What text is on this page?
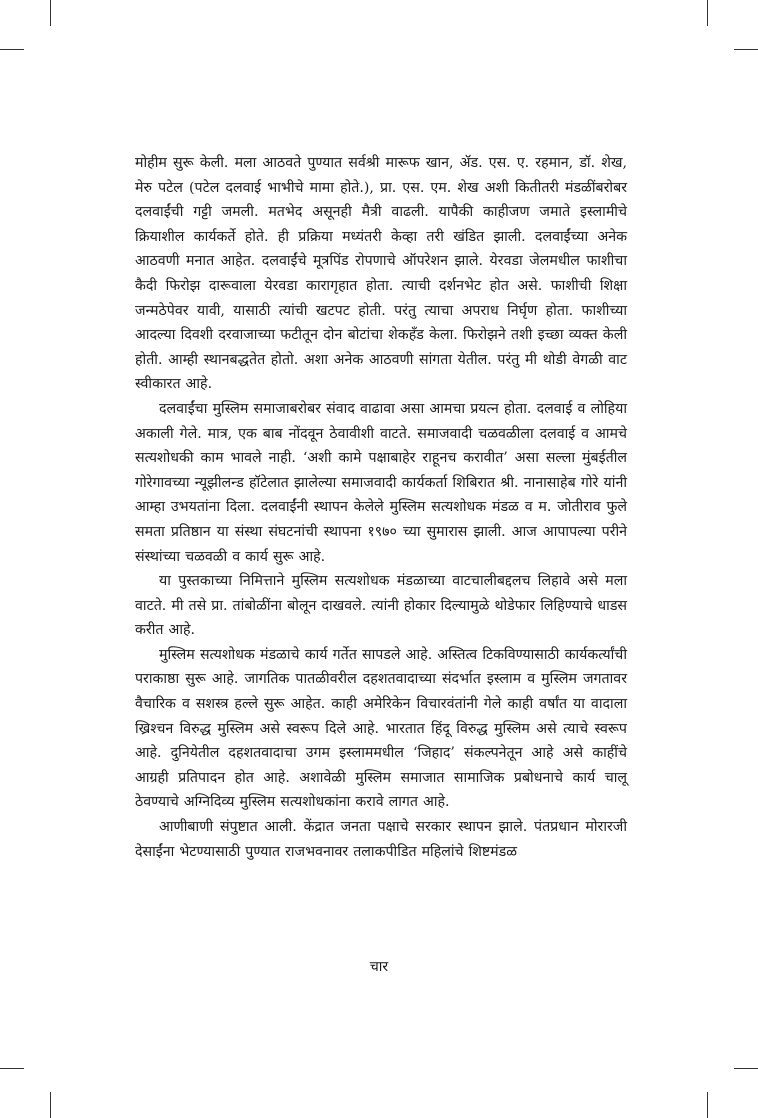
मोहीम सुरू केली. मला आठवते पुण्यात सर्वश्री मारूफ खान, ॲड. एस. ए. रहमान, डॉ. शेख, मेरु पटेल (पटेल दलवाई भाभीचे मामा होते.), प्रा. एस. एम. शेख अशी कितीतरी मंडळींबरोबर दलवाईंची गट्टी जमली. मतभेद असूनही मैत्री वाढली. यापैकी काहीजण जमाते इस्लामीचे क्रियाशील कार्यकर्ते होते. ही प्रक्रिया मध्यंतरी केव्हा तरी खंडित झाली. दलवाईंच्या अनेक आठवणी मनात आहेत. दलवाईंचे मूत्रपिंड रोपणाचे ऑपरेशन झाले. येरवडा जेलमधील फाशीचा कैदी फिरोझ दारूवाला येरवडा कारागृहात होता. त्याची दर्शनभेट होत असे. फाशीची शिक्षा जन्मठेपेवर यावी, यासाठी त्यांची खटपट होती. परंतु त्याचा अपराध निर्घृण होता. फाशीच्या आदल्या दिवशी दरवाजाच्या फटीतून दोन बोटांचा शेकहँड केला. फिरोझने तशी इच्छा व्यक्त केली होती. आम्ही स्थानबद्धतेत होतो. अशा अनेक आठवणी सांगता येतील. परंतु मी थोडी वेगळी वाट स्वीकारत आहे.

दलवाईंचा मुस्लिम समाजाबरोबर संवाद वाढावा असा आमचा प्रयत्न होता. दलवाई व लोहिया अकाली गेले. मात्र, एक बाब नोंदवून ठेवावीशी वाटते. समाजवादी चळवळीला दलवाई व आमचे सत्यशोधकी काम भावले नाही. ‘अशी कामे पक्षाबाहेर राहूनच करावीत’ असा सल्ला मुंबईतील गोरेगावच्या न्यूझीलन्ड हॉटेलात झालेल्या समाजवादी कार्यकर्ता शिबिरात श्री. नानासाहेब गोरे यांनी आम्हा उभयतांना दिला. दलवाईंनी स्थापन केलेले मुस्लिम सत्यशोधक मंडळ व म. जोतीराव फुले समता प्रतिष्ठान या संस्था संघटनांची स्थापना १९७० च्या सुमारास झाली. आज आपापल्या परीने संस्थांच्या चळवळी व कार्य सुरू आहे.

या पुस्तकाच्या निमित्ताने मुस्लिम सत्यशोधक मंडळाच्या वाटचालीबद्दलच लिहावे असे मला वाटते. मी तसे प्रा. तांबोळींना बोलून दाखवले. त्यांनी होकार दिल्यामुळे थोडेफार लिहिण्याचे धाडस करीत आहे.

मुस्लिम सत्यशोधक मंडळाचे कार्य गर्तेत सापडले आहे. अस्तित्व टिकविण्यासाठी कार्यकर्त्यांची पराकाष्ठा सुरू आहे. जागतिक पातळीवरील दहशतवादाच्या संदर्भात इस्लाम व मुस्लिम जगतावर वैचारिक व सशस्त्र हल्ले सुरू आहेत. काही अमेरिकेन विचारवंतांनी गेले काही वर्षांत या वादाला ख्रिश्चन विरुद्ध मुस्लिम असे स्वरूप दिले आहे. भारतात हिंदू विरुद्ध मुस्लिम असे त्याचे स्वरूप आहे. दुनियेतील दहशतवादाचा उगम इस्लाममधील ‘जिहाद’ संकल्पनेतून आहे असे काहींचे आग्रही प्रतिपादन होत आहे. अशावेळी मुस्लिम समाजात सामाजिक प्रबोधनाचे कार्य चालू ठेवण्याचे अग्निदिव्य मुस्लिम सत्यशोधकांना करावे लागत आहे.

आणीबाणी संपुष्टात आली. केंद्रात जनता पक्षाचे सरकार स्थापन झाले. पंतप्रधान मोरारजी देसाईंना भेटण्यासाठी पुण्यात राजभवनावर तलाकपीडित महिलांचे शिष्टमंडळ

चार
